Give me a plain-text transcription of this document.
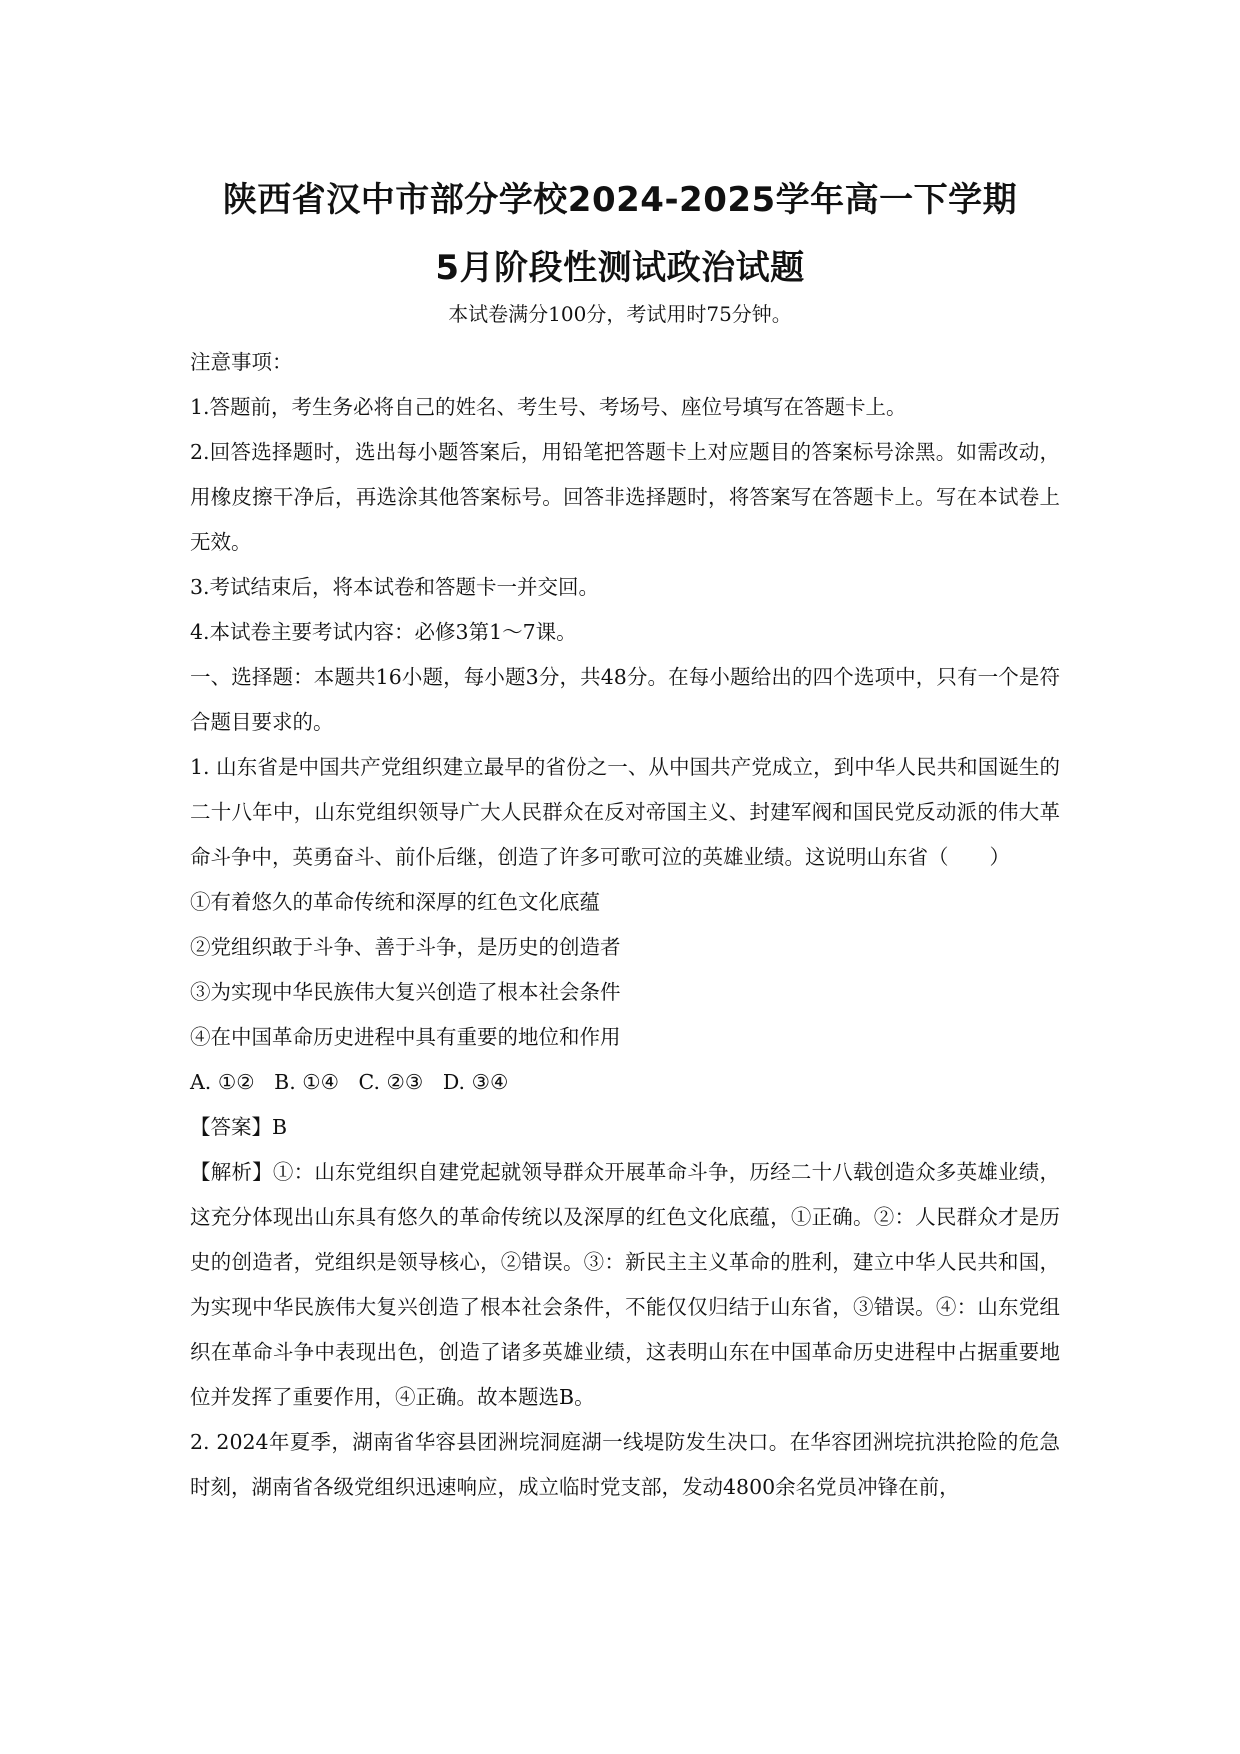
陕西省汉中市部分学校2024-2025学年高一下学期
5月阶段性测试政治试题
本试卷满分100分，考试用时75分钟。

注意事项：

1.答题前，考生务必将自己的姓名、考生号、考场号、座位号填写在答题卡上。

2.回答选择题时，选出每小题答案后，用铅笔把答题卡上对应题目的答案标号涂黑。如需改动，用橡皮擦干净后，再选涂其他答案标号。回答非选择题时，将答案写在答题卡上。写在本试卷上无效。

3.考试结束后，将本试卷和答题卡一并交回。

4.本试卷主要考试内容：必修3第1～7课。

一、选择题：本题共16小题，每小题3分，共48分。在每小题给出的四个选项中，只有一个是符合题目要求的。

1. 山东省是中国共产党组织建立最早的省份之一、从中国共产党成立，到中华人民共和国诞生的二十八年中，山东党组织领导广大人民群众在反对帝国主义、封建军阀和国民党反动派的伟大革命斗争中，英勇奋斗、前仆后继，创造了许多可歌可泣的英雄业绩。这说明山东省（　　）

①有着悠久的革命传统和深厚的红色文化底蕴

②党组织敢于斗争、善于斗争，是历史的创造者

③为实现中华民族伟大复兴创造了根本社会条件

④在中国革命历史进程中具有重要的地位和作用

A. ①②   B. ①④   C. ②③   D. ③④

【答案】B

【解析】①：山东党组织自建党起就领导群众开展革命斗争，历经二十八载创造众多英雄业绩，这充分体现出山东具有悠久的革命传统以及深厚的红色文化底蕴，①正确。②：人民群众才是历史的创造者，党组织是领导核心，②错误。③：新民主主义革命的胜利，建立中华人民共和国，为实现中华民族伟大复兴创造了根本社会条件，不能仅仅归结于山东省，③错误。④：山东党组织在革命斗争中表现出色，创造了诸多英雄业绩，这表明山东在中国革命历史进程中占据重要地位并发挥了重要作用，④正确。故本题选B。

2. 2024年夏季，湖南省华容县团洲垸洞庭湖一线堤防发生决口。在华容团洲垸抗洪抢险的危急时刻，湖南省各级党组织迅速响应，成立临时党支部，发动4800余名党员冲锋在前，
